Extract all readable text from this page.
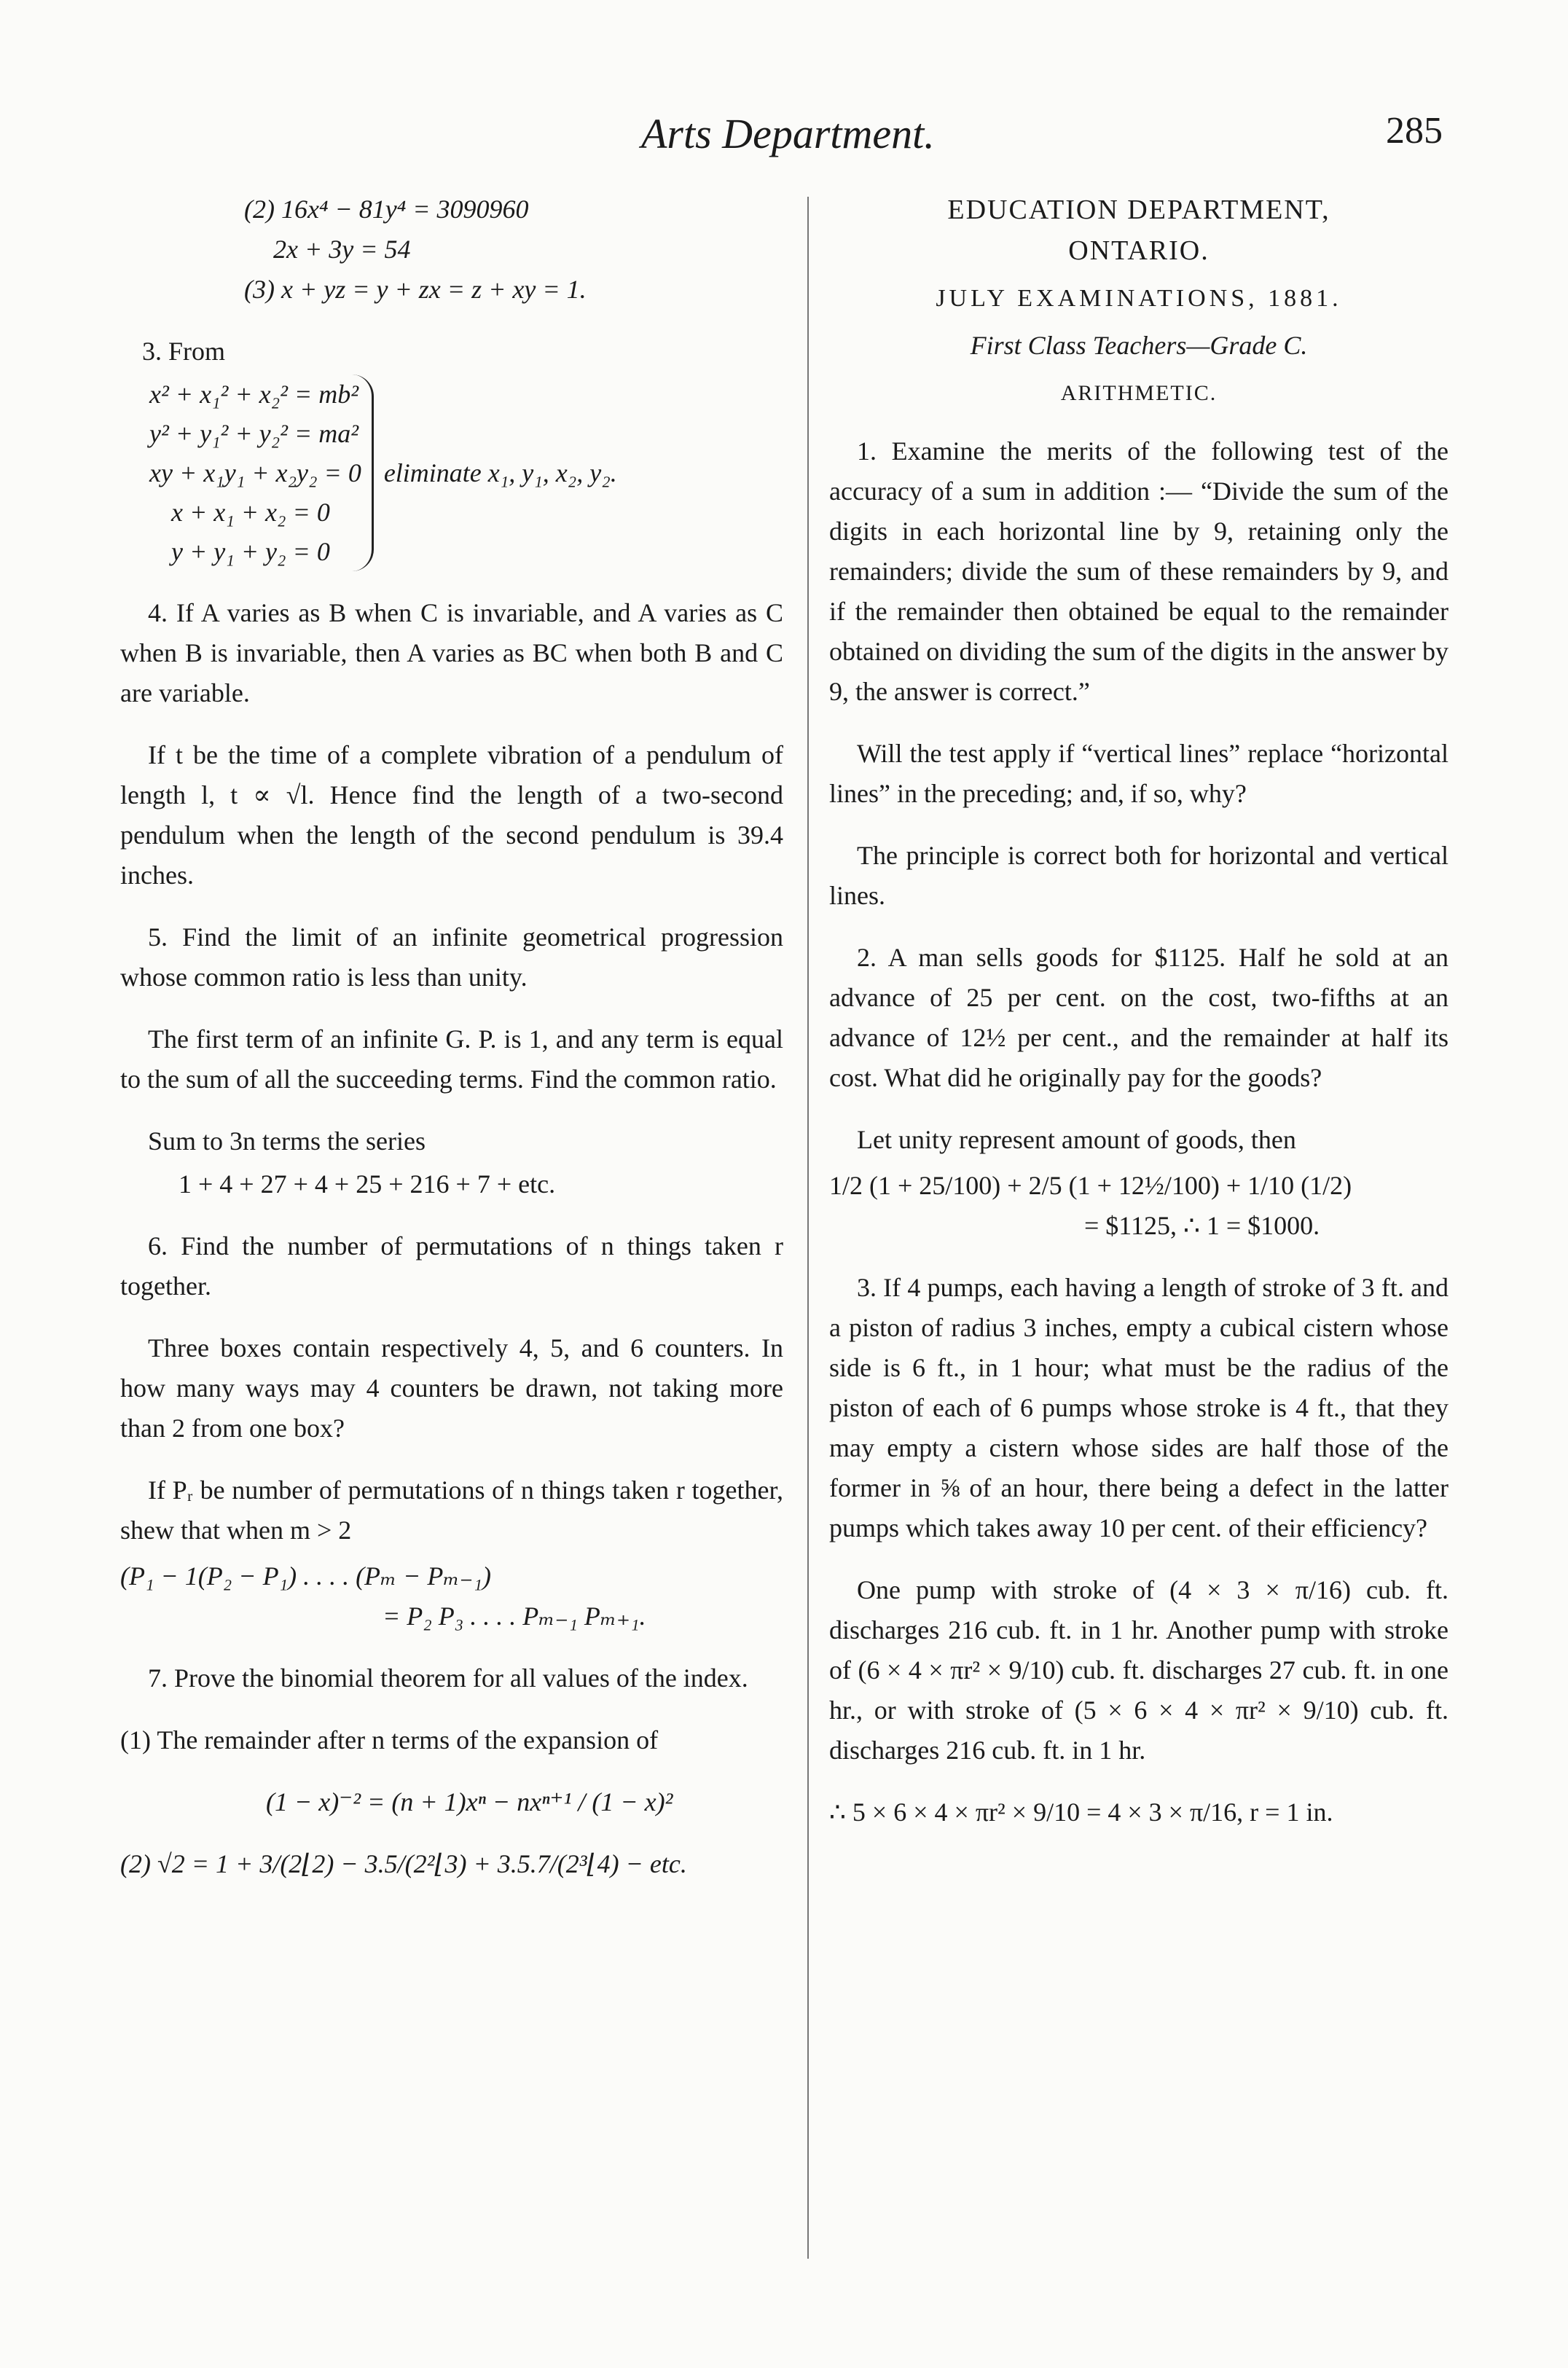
Arts Department.	285
(2) 16x⁴ − 81y⁴ = 3090960
2x + 3y = 54
(3) x + yz = y + zx = z + xy = 1.

3. From

x² + x₁² + x₂² = mb²
y² + y₁² + y₂² = ma²
xy + x₁y₁ + x₂y₂ = 0
x + x₁ + x₂ = 0
y + y₁ + y₂ = 0
eliminate x₁, y₁, x₂, y₂.

4. If A varies as B when C is invariable, and A varies as C when B is invariable, then A varies as BC when both B and C are variable.

If t be the time of a complete vibration of a pendulum of length l, t ∝ √l. Hence find the length of a two-second pendulum when the length of the second pendulum is 39.4 inches.

5. Find the limit of an infinite geometrical progression whose common ratio is less than unity.

The first term of an infinite G. P. is 1, and any term is equal to the sum of all the succeeding terms. Find the common ratio.

Sum to 3n terms the series

1 + 4 + 27 + 4 + 25 + 216 + 7 + etc.

6. Find the number of permutations of n things taken r together.

Three boxes contain respectively 4, 5, and 6 counters. In how many ways may 4 counters be drawn, not taking more than 2 from one box?

If Pᵣ be number of permutations of n things taken r together, shew that when m > 2

(P₁ − 1(P₂ − P₁) . . . . (Pₘ − Pₘ₋₁)
= P₂ P₃ . . . . Pₘ₋₁ Pₘ₊₁.

7. Prove the binomial theorem for all values of the index.

(1) The remainder after n terms of the expansion of

(1 − x)⁻² = (n + 1)xⁿ − nxⁿ⁺¹ / (1 − x)²

(2) √2 = 1 + 3/(2⌊2) − 3.5/(2²⌊3) + 3.5.7/(2³⌊4) − etc.

EDUCATION DEPARTMENT,

ONTARIO.

JULY EXAMINATIONS, 1881.

First Class Teachers—Grade C.

ARITHMETIC.

1. Examine the merits of the following test of the accuracy of a sum in addition :— “Divide the sum of the digits in each horizontal line by 9, retaining only the remainders; divide the sum of these remainders by 9, and if the remainder then obtained be equal to the remainder obtained on dividing the sum of the digits in the answer by 9, the answer is correct.”

Will the test apply if “vertical lines” replace “horizontal lines” in the preceding; and, if so, why?

The principle is correct both for horizontal and vertical lines.

2. A man sells goods for $1125. Half he sold at an advance of 25 per cent. on the cost, two-fifths at an advance of 12½ per cent., and the remainder at half its cost. What did he originally pay for the goods?

Let unity represent amount of goods, then

1/2 (1 + 25/100) + 2/5 (1 + 12½/100) + 1/10 (1/2)
= $1125, ∴ 1 = $1000.

3. If 4 pumps, each having a length of stroke of 3 ft. and a piston of radius 3 inches, empty a cubical cistern whose side is 6 ft., in 1 hour; what must be the radius of the piston of each of 6 pumps whose stroke is 4 ft., that they may empty a cistern whose sides are half those of the former in ⅝ of an hour, there being a defect in the latter pumps which takes away 10 per cent. of their efficiency?

One pump with stroke of (4 × 3 × π/16) cub. ft. discharges 216 cub. ft. in 1 hr. Another pump with stroke of (6 × 4 × πr² × 9/10) cub. ft. discharges 27 cub. ft. in one hr., or with stroke of (5 × 6 × 4 × πr² × 9/10) cub. ft. discharges 216 cub. ft. in 1 hr.

∴ 5 × 6 × 4 × πr² × 9/10 = 4 × 3 × π/16, r = 1 in.
